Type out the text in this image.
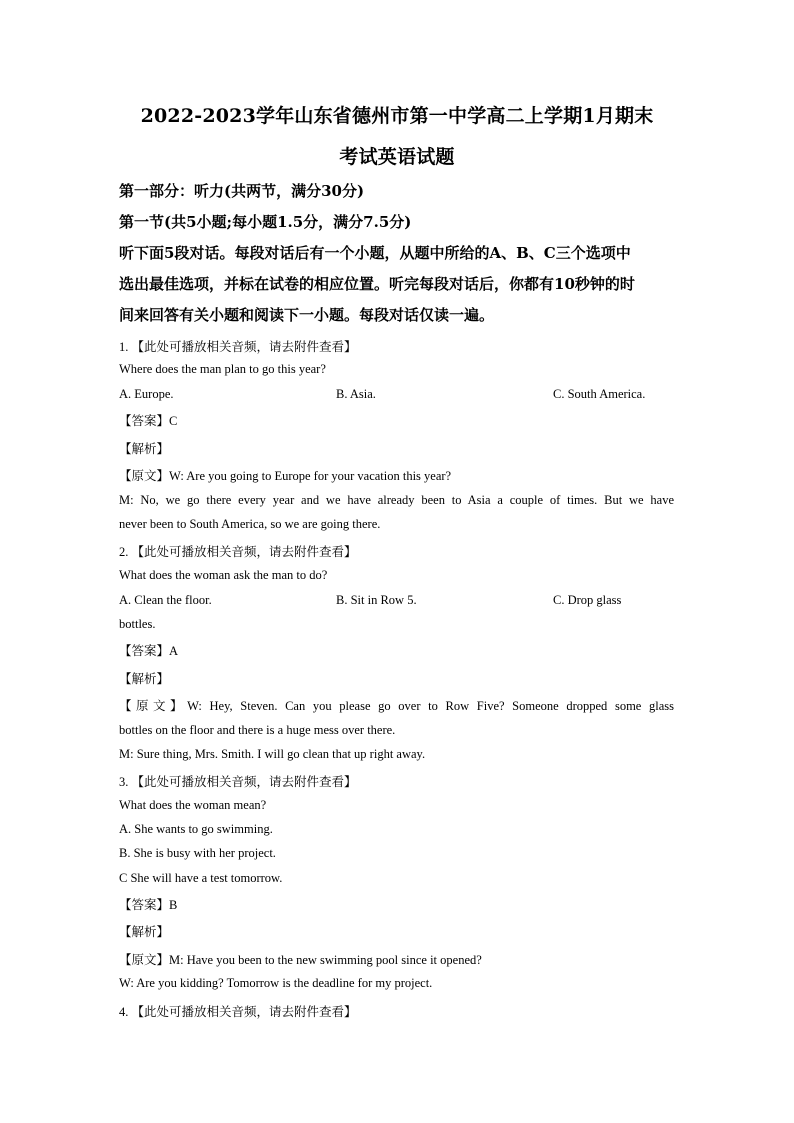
2022-2023学年山东省德州市第一中学高二上学期1月期末
考试英语试题
第一部分：听力(共两节，满分30分)
第一节(共5小题;每小题1.5分，满分7.5分)
听下面5段对话。每段对话后有一个小题，从题中所给的A、B、C三个选项中
选出最佳选项，并标在试卷的相应位置。听完每段对话后，你都有10秒钟的时
间来回答有关小题和阅读下一小题。每段对话仅读一遍。
1. 【此处可播放相关音频，请去附件查看】
Where does the man plan to go this year?
A. Europe.	B. Asia.	C. South America.
【答案】C
【解析】
【原文】W: Are you going to Europe for your vacation this year?
M: No, we go there every year and we have already been to Asia a couple of times. But we have
never been to South America, so we are going there.
2. 【此处可播放相关音频，请去附件查看】
What does the woman ask the man to do?
A. Clean the floor.	B. Sit in Row 5.	C. Drop glass
bottles.
【答案】A
【解析】
【原文】W: Hey, Steven. Can you please go over to Row Five? Someone dropped some glass
bottles on the floor and there is a huge mess over there.
M: Sure thing, Mrs. Smith. I will go clean that up right away.
3. 【此处可播放相关音频，请去附件查看】
What does the woman mean?
A. She wants to go swimming.
B. She is busy with her project.
C She will have a test tomorrow.
【答案】B
【解析】
【原文】M: Have you been to the new swimming pool since it opened?
W: Are you kidding? Tomorrow is the deadline for my project.
4. 【此处可播放相关音频，请去附件查看】
